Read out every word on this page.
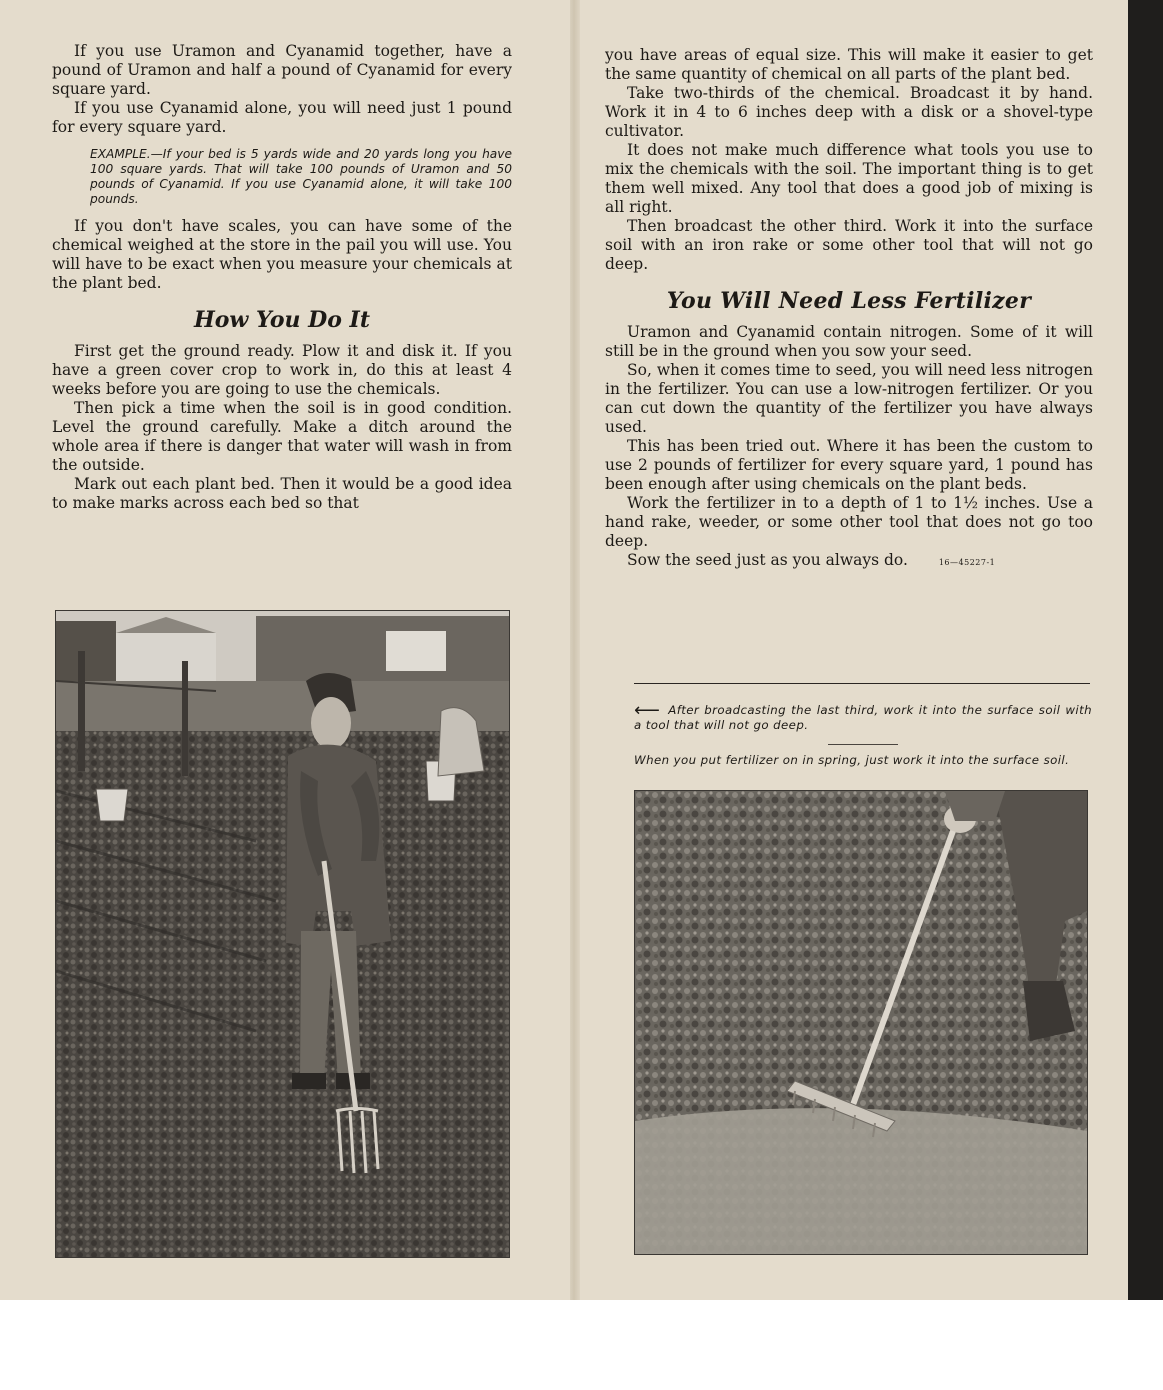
If you use Uramon and Cyanamid together, have a pound of Uramon and half a pound of Cyanamid for every square yard.

If you use Cyanamid alone, you will need just 1 pound for every square yard.

EXAMPLE.—If your bed is 5 yards wide and 20 yards long you have 100 square yards. That will take 100 pounds of Uramon and 50 pounds of Cyanamid. If you use Cyanamid alone, it will take 100 pounds.

If you don't have scales, you can have some of the chemical weighed at the store in the pail you will use. You will have to be exact when you measure your chemicals at the plant bed.

How You Do It

First get the ground ready. Plow it and disk it. If you have a green cover crop to work in, do this at least 4 weeks before you are going to use the chemicals.

Then pick a time when the soil is in good condition. Level the ground carefully. Make a ditch around the whole area if there is danger that water will wash in from the outside.

Mark out each plant bed. Then it would be a good idea to make marks across each bed so that

you have areas of equal size. This will make it easier to get the same quantity of chemical on all parts of the plant bed.

Take two-thirds of the chemical. Broadcast it by hand. Work it in 4 to 6 inches deep with a disk or a shovel-type cultivator.

It does not make much difference what tools you use to mix the chemicals with the soil. The important thing is to get them well mixed. Any tool that does a good job of mixing is all right.

Then broadcast the other third. Work it into the surface soil with an iron rake or some other tool that will not go deep.

You Will Need Less Fertilizer

Uramon and Cyanamid contain nitrogen. Some of it will still be in the ground when you sow your seed.

So, when it comes time to seed, you will need less nitrogen in the fertilizer. You can use a low-nitrogen fertilizer. Or you can cut down the quantity of the fertilizer you have always used.

This has been tried out. Where it has been the custom to use 2 pounds of fertilizer for every square yard, 1 pound has been enough after using chemicals on the plant beds.

Work the fertilizer in to a depth of 1 to 1½ inches. Use a hand rake, weeder, or some other tool that does not go too deep.

Sow the seed just as you always do.	16—45227-1

⟵ After broadcasting the last third, work it into the surface soil with a tool that will not go deep.
When you put fertilizer on in spring, just work it into the surface soil.
